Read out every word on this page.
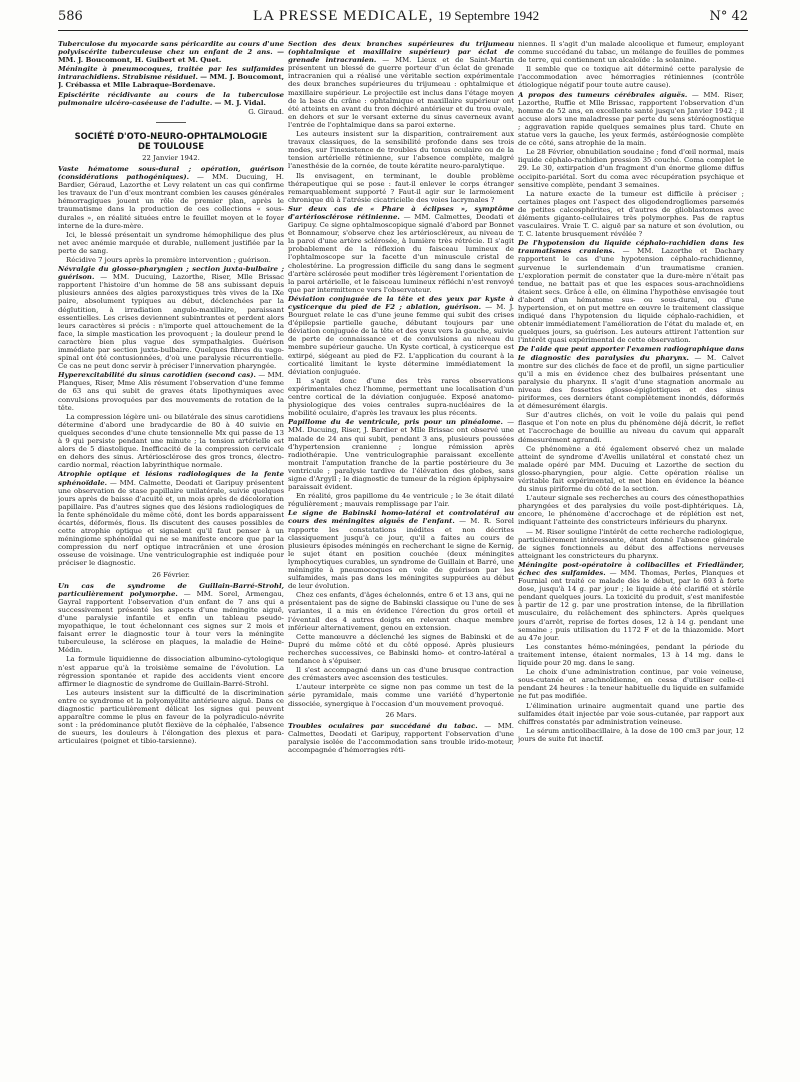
586	LA PRESSE MEDICALE, 19 Septembre 1942	N° 42

Tuberculose du myocarde sans péricardite au cours d'une polyviscérite tuberculeuse chez un enfant de 2 ans. — MM. J. Boucomont, H. Guibert et M. Quet.

Méningite à pneumocoques, traitée par les sulfamides intrarachidiens. Strabisme résiduel. — MM. J. Boucomont, J. Crébassa et Mlle Labraque-Bordenave.

Episclérite récidivante au cours de la tuberculose pulmonaire ulcéro-caséeuse de l'adulte. — M. J. Vidal.

G. Giraud.

SOCIÉTÉ D'OTO-NEURO-OPHTALMOLOGIE
DE TOULOUSE

22 Janvier 1942.

Vaste hématome sous-dural ; opération, guérison (considérations pathogéniques). — MM. Ducuing, H. Bardier, Géraud, Lazorthe et Levy relatent un cas qui confirme les travaux de l'un d'eux montrant combien les causes générales hémorragiques jouent un rôle de premier plan, après le traumatisme dans la production de ces collections « sous-durales », en réalité situées entre le feuillet moyen et le foyer interne de la dure-mère.

Ici, le blessé présentait un syndrome hémophilique des plus net avec anémie marquée et durable, nullement justifiée par la perte de sang.

Récidive 7 jours après la première intervention ; guérison.

Névralgie du glosso-pharyngien ; section juxta-bulbaire ; guérison. — MM. Ducuing, Lazorthe, Riser, Mlle Brissac rapportent l'histoire d'un homme de 58 ans subissant depuis plusieurs années des algies paroxystiques très vives de la IXe paire, absolument typiques au début, déclenchées par la déglutition, à irradiation angulo-maxillaire, paraissant essentielles. Les crises deviennent subintrantes et perdent alors leurs caractères si précis : n'importe quel attouchement de la face, la simple mastication les provoquent ; la douleur prend le caractère bien plus vague des sympathalgies. Guérison immédiate par section juxta-bulbaire. Quelques fibres du vago-spinal ont été contusionnées, d'où une paralysie récurrentielle. Ce cas ne peut donc servir à préciser l'innervation pharyngée.

Hyperexcitabilité du sinus carotidien (second cas). — MM. Planques, Riser, Mme Alis résument l'observation d'une femme de 63 ans qui subit de graves états lipothymiques avec convulsions provoquées par des mouvements de rotation de la tête.

La compression légère uni- ou bilatérale des sinus carotidiens détermine d'abord une bradycardie de 80 à 40 suivie en quelques secondes d'une chute tensionnelle Mx qui passe de 13 à 9 qui persiste pendant une minute ; la tension artérielle est alors de 5 diastolique. Inefficacité de la compression cervicale en dehors des sinus. Artériosclérose des gros troncs, électro-cardio normal, réaction labyrinthique normale.

Atrophie optique et lésions radiologiques de la fente sphénoïdale. — MM. Calmette, Deodati et Garipuy présentent une observation de stase papillaire unilatérale, suivie quelques jours après de baisse d'acuité et, un mois après de décoloration papillaire. Pas d'autres signes que des lésions radiologiques de la fente sphénoïdale du même côté, dont les bords apparaissent écartés, déformés, flous. Ils discutent des causes possibles de cette atrophie optique et signalent qu'il faut penser à un méningiome sphénoïdal qui ne se manifeste encore que par la compression du nerf optique intracrânien et une érosion osseuse de voisinage. Une ventriculographie est indiquée pour préciser le diagnostic.

26 Février.

Un cas de syndrome de Guillain-Barré-Strohl, particulièrement polymorphe. — MM. Sorel, Armengau, Gayral rapportent l'observation d'un enfant de 7 ans qui a successivement présenté les aspects d'une méningite aiguë, d'une paralysie infantile et enfin un tableau pseudo-myopathique, le tout échelonnant ces signes sur 2 mois et faisant errer le diagnostic tour à tour vers la méningite tuberculeuse, la sclérose en plaques, la maladie de Heine-Médin.

La formule liquidienne de dissociation albumino-cytologique n'est apparue qu'à la troisième semaine de l'évolution. La régression spontanée et rapide des accidents vient encore affirmer le diagnostic de syndrome de Guillain-Barré-Strohl.

Les auteurs insistent sur la difficulté de la discrimination entre ce syndrome et la polyomyélite antérieure aiguë. Dans ce diagnostic particulièrement délicat les signes qui peuvent apparaître comme le plus en faveur de la polyradiculo-névrite sont : la prédominance plutôt flexiève de la céphalée, l'absence de sueurs, les douleurs à l'élongation des plexus et para-articulaires (poignet et tibio-tarsienne).

Section des deux branches supérieures du trijumeau (ophtalmique et maxillaire supérieur) par éclat de grenade intracranien. — MM. Lieux et de Saint-Martin présentent un blessé de guerre porteur d'un éclat de grenade intracranien qui a réalisé une véritable section expérimentale des deux branches supérieures du trijumeau : ophtalmique et maxillaire supérieur. Le projectile est inclus dans l'étage moyen de la base du crâne : ophtalmique et maxillaire supérieur ont été atteints en avant du tron déchiré antérieur et du trou ovale, en dehors et sur le versant externe du sinus caverneux avant l'entrée de l'ophtalmique dans sa paroi externe.

Les auteurs insistent sur la disparition, contrairement aux travaux classiques, de la sensibilité profonde dans ses trois modes, sur l'inexistence de troubles du tonus oculaire ou de la tension artérielle rétinienne, sur l'absence complète, malgré l'anesthésie de la cornée, de toute kératite neuro-paralytique.

Ils envisagent, en terminant, le double problème thérapeutique qui se pose : faut-il enlever le corps étranger remarquablement supporté ? Faut-il agir sur le larmoiement chronique dû à l'atrésie cicatricielle des voies lacrymales ?

Sur deux cas de « Phare à éclipses », symptôme d'artériosclérose rétinienne. — MM. Calmettes, Deodati et Garipuy. Ce signe ophtalmoscopique signalé d'abord par Bonnet et Bonnamour, s'observe chez les artérioscléreux, au niveau de la paroi d'une artère sclérosée, à lumière très rétrécie. Il s'agit probablement de la réflexion du faisceau lumineux de l'ophtalmoscope sur la facette d'un minuscule cristal de cholestérine. La progression difficile du sang dans le segment d'artère sclérosée peut modifier très légèrement l'orientation de la paroi artérielle, et le faisceau lumineux réfléchi n'est renvoyé que par intermittence vers l'observateur.

Déviation conjuguée de la tête et des yeux par kyste à cysticerque du pied de F2 ; ablation, guérison. — M. J. Bourguet relate le cas d'une jeune femme qui subit des crises d'épilepsie partielle gauche, débutant toujours par une déviation conjuguée de la tête et des yeux vers la gauche, suivie de perte de connaissance et de convulsions au niveau du membre supérieur gauche. Un Kyste cortical, à cysticerque est extirpé, siégeant au pied de F2. L'application du courant à la corticalité limitant le kyste détermine immédiatement la déviation conjuguée.

Il s'agit donc d'une des très rares observations expérimentales chez l'homme, permettant une localisation d'un centre cortical de la déviation conjuguée. Exposé anatomo-physiologique des voies centrales supra-nucléaires de la mobilité oculaire, d'après les travaux les plus récents.

Papillome du 4e ventricule, pris pour un pinéalome. — MM. Ducuing, Riser, J. Bardier et Mlle Brissac ont observé une malade de 24 ans qui subit, pendant 3 ans, plusieurs poussées d'hypertension cranienne ; longue rémission après radiothérapie. Une ventriculographie paraissant excellente montrait l'amputation franche de la partie postérieure du 3e ventricule ; paralysie tardive de l'élévation des globes, sans signe d'Argyll ; le diagnostic de tumeur de la région épiphysaire paraissait évident.

En réalité, gros papillome du 4e ventricule ; le 3e était dilaté régulièrement ; mauvais remplissage par l'air.

Le signe de Babinski homo-latéral et controlatéral au cours des méningites aiguës de l'enfant. — M. R. Sorel rapporte les constatations inédites et non décrites classiquement jusqu'à ce jour, qu'il a faites au cours de plusieurs épisodes méningés en recherchant le signe de Kernig, le sujet étant en position couchée (deux méningites lymphocytiques curables, un syndrome de Guillain et Barré, une méningite à pneumocoques en voie de guérison par les sulfamides, mais pas dans les méningites suppurées au début de leur évolution.

Chez ces enfants, d'âges échelonnés, entre 6 et 13 ans, qui ne présentaient pas de signe de Babinski classique ou l'une de ses variantes, il a mis en évidence l'érection du gros orteil et l'éventail des 4 autres doigts en relevant chaque membre inférieur alternativement, genou en extension.

Cette manœuvre a déclenché les signes de Babinski et de Dupré du même côté et du côté opposé. Après plusieurs recherches successives, ce Babinski homo- et contro-latéral a tendance à s'épuiser.

Il s'est accompagné dans un cas d'une brusque contraction des crémasters avec ascension des testicules.

L'auteur interprète ce signe non pas comme un test de la série pyramidale, mais comme une variété d'hypertonie dissociée, synergique à l'occasion d'un mouvement provoqué.

26 Mars.

Troubles oculaires par succédané du tabac. — MM. Calmettes, Deodati et Garipuy, rapportent l'observation d'une paralysie isolée de l'accommodation sans trouble irido-moteur, accompagnée d'hémorragies réti-

niennes. Il s'agit d'un malade alcoolique et fumeur, employant comme succédané du tabac, un mélange de feuilles de pommes de terre, qui contiennent un alcaloïde : la solanine.

Il semble que ce toxique ait déterminé cette paralysie de l'accommodation avec hémorragies rétiniennes (contrôle étiologique négatif pour toute autre cause).

A propos des tumeurs cérébrales aiguës. — MM. Riser, Lazorthe, Ruffie et Mlle Brissac, rapportent l'observation d'un homme de 52 ans, en excellente santé jusqu'en Janvier 1942 ; il accuse alors une maladresse par perte du sens stéréognostique ; aggravation rapide quelques semaines plus tard. Chute en statue vers la gauche, les yeux fermés, astéréognosie complète de ce côté, sans atrophie de la main.

Le 28 Février, obnubilation soudaine ; fond d'œil normal, mais liquide céphalo-rachidien pression 35 couché. Coma complet le 29. Le 30, extirpation d'un fragment d'un énorme gliome diffus occipito-pariétal. Sort du coma avec récupération psychique et sensitive complète, pendant 3 semaines.

La nature exacte de la tumeur est difficile à préciser ; certaines plages ont l'aspect des oligodendrogliomes parsemés de petites calcosphérites, et d'autres de glioblastomes avec éléments giganto-cellulaires très polymorphes. Pas de raptus vasculaires. Vraie T. C. aiguë par sa nature et son évolution, ou T. C. latente brusquement révélée ?

De l'hypotension du liquide céphalo-rachidien dans les traumatismes craniens. — MM. Lazorthe et Dachary rapportent le cas d'une hypotension céphalo-rachidienne, survenue le surlendemain d'un traumatisme cranien. L'exploration permit de constater que la dure-mère n'était pas tendue, ne battait pas et que les espaces sous-arachnoïdiens étaient secs. Grâce à elle, on élimina l'hypothèse envisagée tout d'abord d'un hématome sus- ou sous-dural, ou d'une hypertension, et on put mettre en œuvre le traitement classique indiqué dans l'hypotension du liquide céphalo-rachidien, et obtenir immédiatement l'amélioration de l'état du malade et, en quelques jours, sa guérison. Les auteurs attirent l'attention sur l'intérêt quasi expérimental de cette observation.

De l'aide que peut apporter l'examen radiographique dans le diagnostic des paralysies du pharynx. — M. Calvet montre sur des clichés de face et de profil, un signe particulier qu'il a mis en évidence chez des bulbaires présentant une paralysie du pharynx. Il s'agit d'une stagnation anormale au niveau des fossettes glosso-épiglottiques et des sinus piriformes, ces derniers étant complètement inondés, déformés et démesurément élargis.

Sur d'autres clichés, on voit le voile du palais qui pend flasque et l'on note en plus du phénomène déjà décrit, le reflet et l'accrochage de bouillie au niveau du cavum qui apparaît démesurément agrandi.

Ce phénomène a été également observé chez un malade atteint de syndrome d'Avellis unilatéral et constaté chez un malade opéré par MM. Ducuing et Lazorthe de section du glosso-pharyngien, pour algie. Cette opération réalise un véritable fait expérimental, et met bien en évidence la béance du sinus piriforme du côté de la section.

L'auteur signale ses recherches au cours des cénesthopathies pharyngées et des paralysies du voile post-diphtériques. Là, encore, le phénomène d'accrochage et de réplétion est net, indiquant l'atteinte des constricteurs inférieurs du pharynx.

— M. Riser souligne l'intérêt de cette recherche radiologique, particulièrement intéressante, étant donné l'absence générale de signes fonctionnels au début des affections nerveuses atteignant les constricteurs du pharynx.

Méningite post-opératoire à colibacilles et Friedländer, échec des sulfamides. — MM. Thomas, Perles, Planques et Fournial ont traité ce malade dès le début, par le 693 à forte dose, jusqu'à 14 g. par jour ; le liquide a été clarifié et stérile pendant quelques jours. La toxicité du produit, s'est manifestée à partir de 12 g. par une prostration intense, de la fibrillation musculaire, du relâchement des sphincters. Après quelques jours d'arrêt, reprise de fortes doses, 12 à 14 g. pendant une semaine ; puis utilisation du 1172 F et de la thiazomide. Mort au 47e jour.

Les constantes hémo-méningées, pendant la période du traitement intense, étaient normales, 13 à 14 mg. dans le liquide pour 20 mg. dans le sang.

Le choix d'une administration continue, par voie veineuse, sous-cutanée et arachnoïdienne, en cessa d'utiliser celle-ci pendant 24 heures : la teneur habituelle du liquide en sulfamide ne fut pas modifiée.

L'élimination urinaire augmentait quand une partie des sulfamides était injectée par voie sous-cutanée, par rapport aux chiffres constatés par administration veineuse.

Le sérum anticolibacillaire, à la dose de 100 cm3 par jour, 12 jours de suite fut inactif.
